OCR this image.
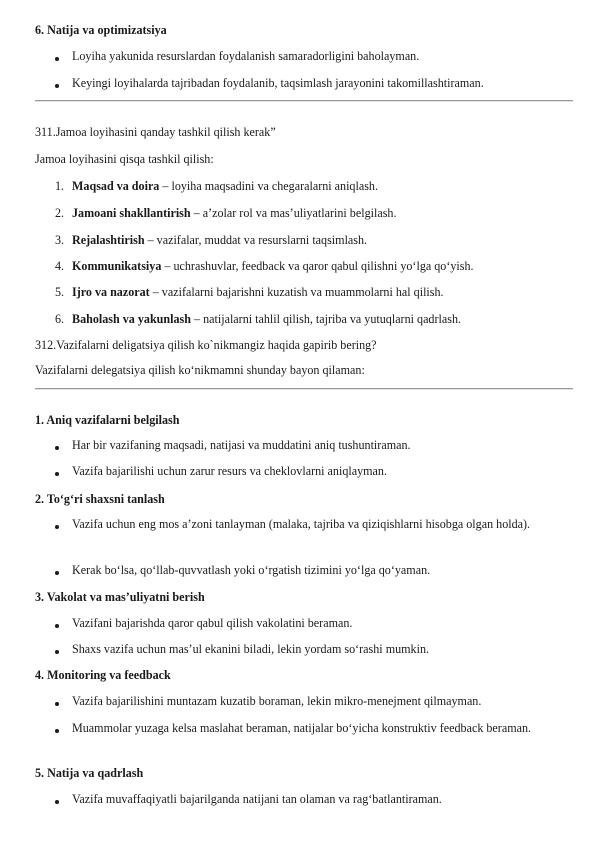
6. Natija va optimizatsiya
Loyiha yakunida resurslardan foydalanish samaradorligini baholayman.
Keyingi loyihalarda tajribadan foydalanib, taqsimlash jarayonini takomillashtiraman.
311.Jamoa loyihasini qanday tashkil qilish kerak”
Jamoa loyihasini qisqa tashkil qilish:
1. Maqsad va doira – loyiha maqsadini va chegaralarni aniqlash.
2. Jamoani shakllantirish – a’zolar rol va mas’uliyatlarini belgilash.
3. Rejalashtirish – vazifalar, muddat va resurslarni taqsimlash.
4. Kommunikatsiya – uchrashuvlar, feedback va qaror qabul qilishni yo‘lga qo‘yish.
5. Ijro va nazorat – vazifalarni bajarishni kuzatish va muammolarni hal qilish.
6. Baholash va yakunlash – natijalarni tahlil qilish, tajriba va yutuqlarni qadrlash.
312.Vazifalarni deligatsiya qilish ko`nikmangiz haqida gapirib bering?
Vazifalarni delegatsiya qilish ko‘nikmamni shunday bayon qilaman:
1. Aniq vazifalarni belgilash
Har bir vazifaning maqsadi, natijasi va muddatini aniq tushuntiraman.
Vazifa bajarilishi uchun zarur resurs va cheklovlarni aniqlayman.
2. To‘g‘ri shaxsni tanlash
Vazifa uchun eng mos a’zoni tanlayman (malaka, tajriba va qiziqishlarni hisobga olgan holda).
Kerak bo‘lsa, qo‘llab-quvvatlash yoki o‘rgatish tizimini yo‘lga qo‘yaman.
3. Vakolat va mas’uliyatni berish
Vazifani bajarishda qaror qabul qilish vakolatini beraman.
Shaxs vazifa uchun mas’ul ekanini biladi, lekin yordam so‘rashi mumkin.
4. Monitoring va feedback
Vazifa bajarilishini muntazam kuzatib boraman, lekin mikro-menejment qilmayman.
Muammolar yuzaga kelsa maslahat beraman, natijalar bo‘yicha konstruktiv feedback beraman.
5. Natija va qadrlash
Vazifa muvaffaqiyatli bajarilganda natijani tan olaman va rag‘batlantiraman.
